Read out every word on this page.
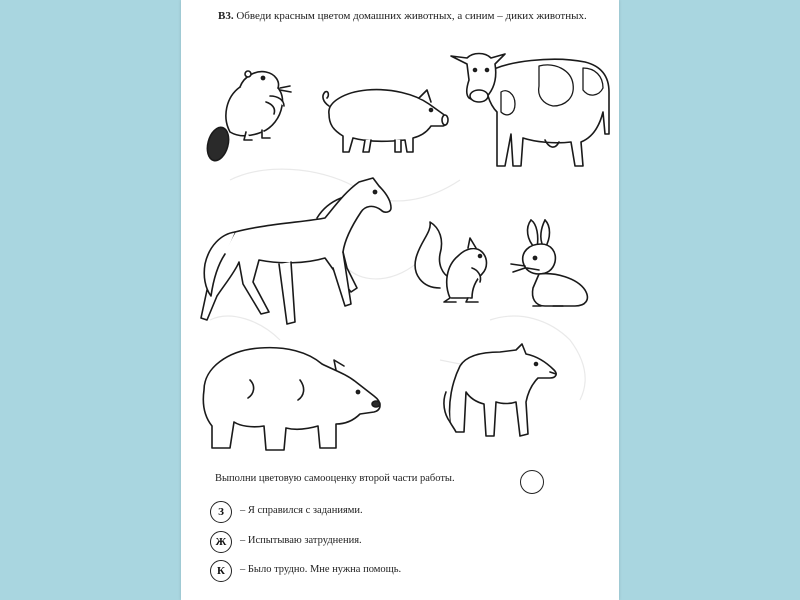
В3. Обведи красным цветом домашних животных, а синим – диких животных.
Выполни цветовую самооценку второй части работы.
З	– Я справился с заданиями.
Ж	– Испытываю затруднения.
К	– Было трудно. Мне нужна помощь.
